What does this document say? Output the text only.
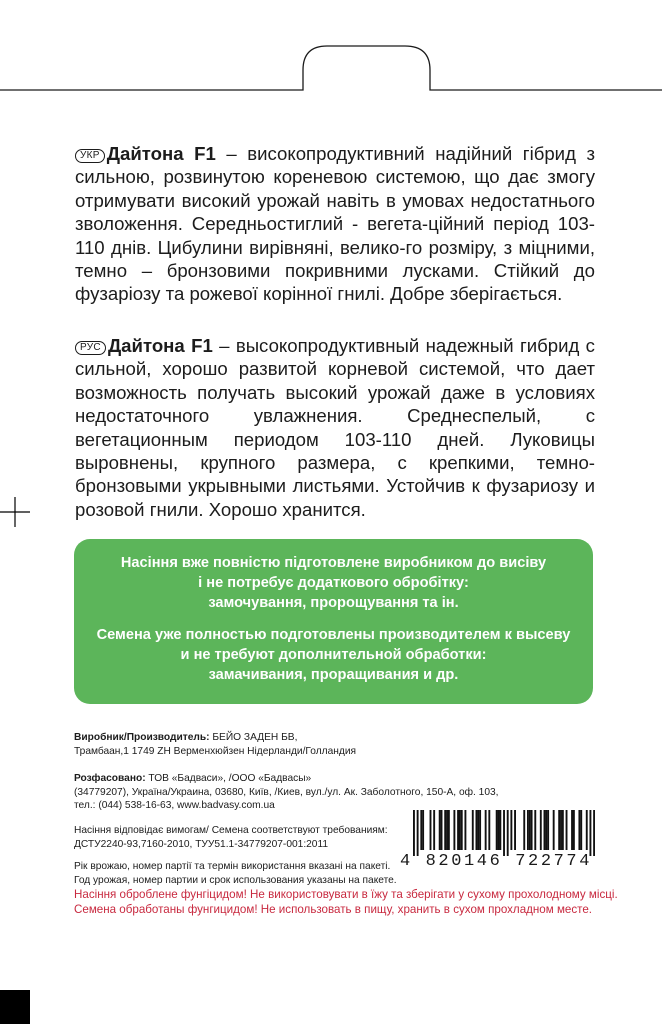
УКР Дайтона F1 – високопродуктивний надійний гібрид з сильною, розвинутою кореневою системою, що дає змогу отримувати високий урожай навіть в умовах недостатнього зволоження. Середньостиглий - вегета-ційний період 103-110 днів. Цибулини вирівняні, велико-го розміру, з міцними, темно – бронзовими покривними лусками. Стійкий до фузаріозу та рожевої корінної гнилі. Добре зберігається.
РУС Дайтона F1 – высокопродуктивный надежный гибрид с сильной, хорошо развитой корневой системой, что дает возможность получать высокий урожай даже в условиях недостаточного увлажнения. Среднеспелый, с вегетационным периодом 103-110 дней. Луковицы выровнены, крупного размера, с крепкими, темно-бронзовыми укрывными листьями. Устойчив к фузариозу и розовой гнили. Хорошо хранится.

Насіння вже повністю підготовлене виробником до висіву

і не потребує додаткового обробітку:

замочування, пророщування та ін.

Семена уже полностью подготовлены производителем к высеву

и не требуют дополнительной обработки:

замачивания, проращивания и др.

Виробник/Производитель: БЕЙО ЗАДЕН БВ,
Трамбаан,1 1749 ZH Верменхюйзен Нідерланди/Голландия
Розфасовано: ТОВ «Бадваси», /ООО «Бадвасы»
(34779207), Україна/Украина, 03680, Київ, /Киев, вул./ул. Ак. Заболотного, 150-А, оф. 103,
тел.: (044) 538-16-63, www.badvasy.com.ua
Насіння відповідає вимогам/ Семена соответствуют требованиям:
ДСТУ2240-93,7160-2010, ТУУ51.1-34779207-001:2011
Рік врожаю, номер партії та термін використання вказані на пакеті.
Год урожая, номер партии и срок использования указаны на пакете.
Насіння оброблене фунгіцидом! Не використовувати в їжу та зберігати у сухому прохолодному місці.
Семена обработаны фунгицидом! Не использовать в пищу, хранить в сухом прохладном месте.
4 820146 722774
